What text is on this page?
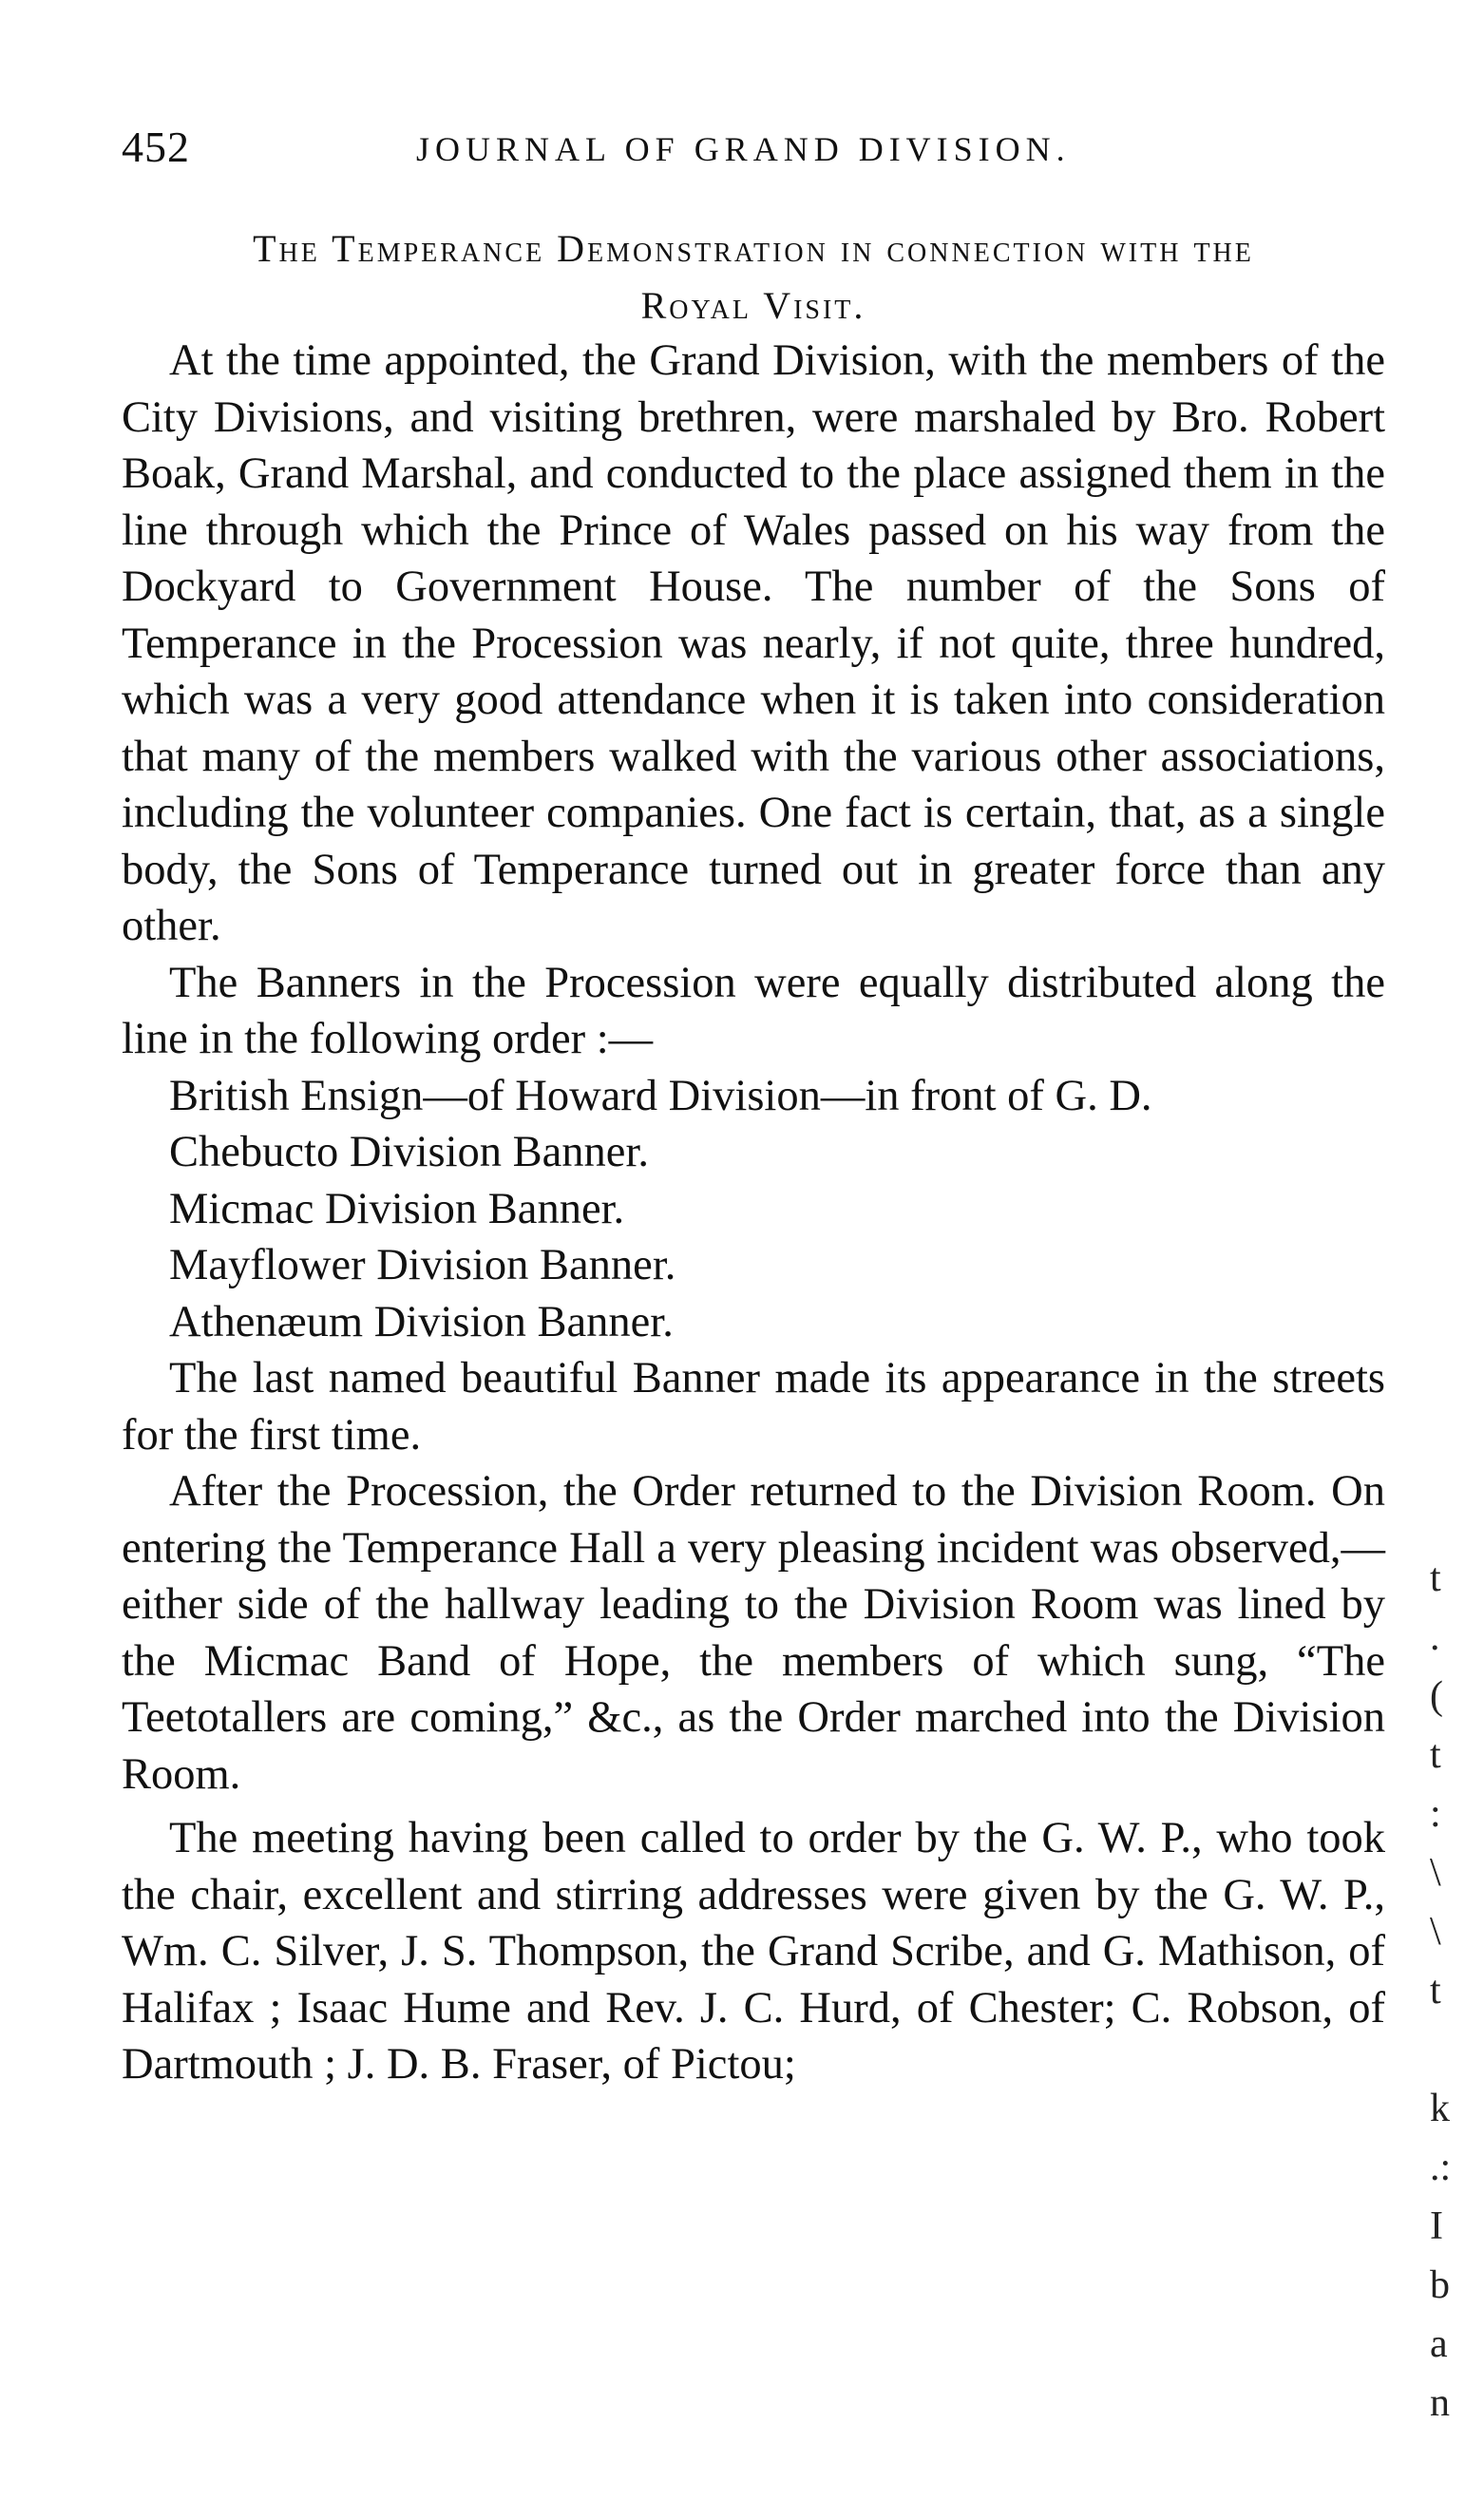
452	JOURNAL OF GRAND DIVISION.
The Temperance Demonstration in connection with the
Royal Visit.

At the time appointed, the Grand Division, with the members of the City Divisions, and visiting brethren, were marshaled by Bro. Robert Boak, Grand Marshal, and conducted to the place assigned them in the line through which the Prince of Wales passed on his way from the Dockyard to Government House. The number of the Sons of Temperance in the Procession was nearly, if not quite, three hundred, which was a very good attendance when it is taken into consideration that many of the members walked with the various other associations, including the volunteer companies. One fact is certain, that, as a single body, the Sons of Temperance turned out in greater force than any other.

The Banners in the Procession were equally distributed along the line in the following order :—

British Ensign—of Howard Division—in front of G. D.

Chebucto Division Banner.

Micmac Division Banner.

Mayflower Division Banner.

Athenæum Division Banner.

The last named beautiful Banner made its appearance in the streets for the first time.

After the Procession, the Order returned to the Division Room. On entering the Temperance Hall a very pleasing incident was observed,—either side of the hallway leading to the Division Room was lined by the Micmac Band of Hope, the members of which sung, “The Teetotallers are coming,” &c., as the Order marched into the Division Room.

The meeting having been called to order by the G. W. P., who took the chair, excellent and stirring addresses were given by the G. W. P., Wm. C. Silver, J. S. Thompson, the Grand Scribe, and G. Mathison, of Halifax ; Isaac Hume and Rev. J. C. Hurd, of Chester; C. Robson, of Dartmouth ; J. D. B. Fraser, of Pictou;

t
.
(
t
:
\
\
t
k
.:
I
b
a
n
